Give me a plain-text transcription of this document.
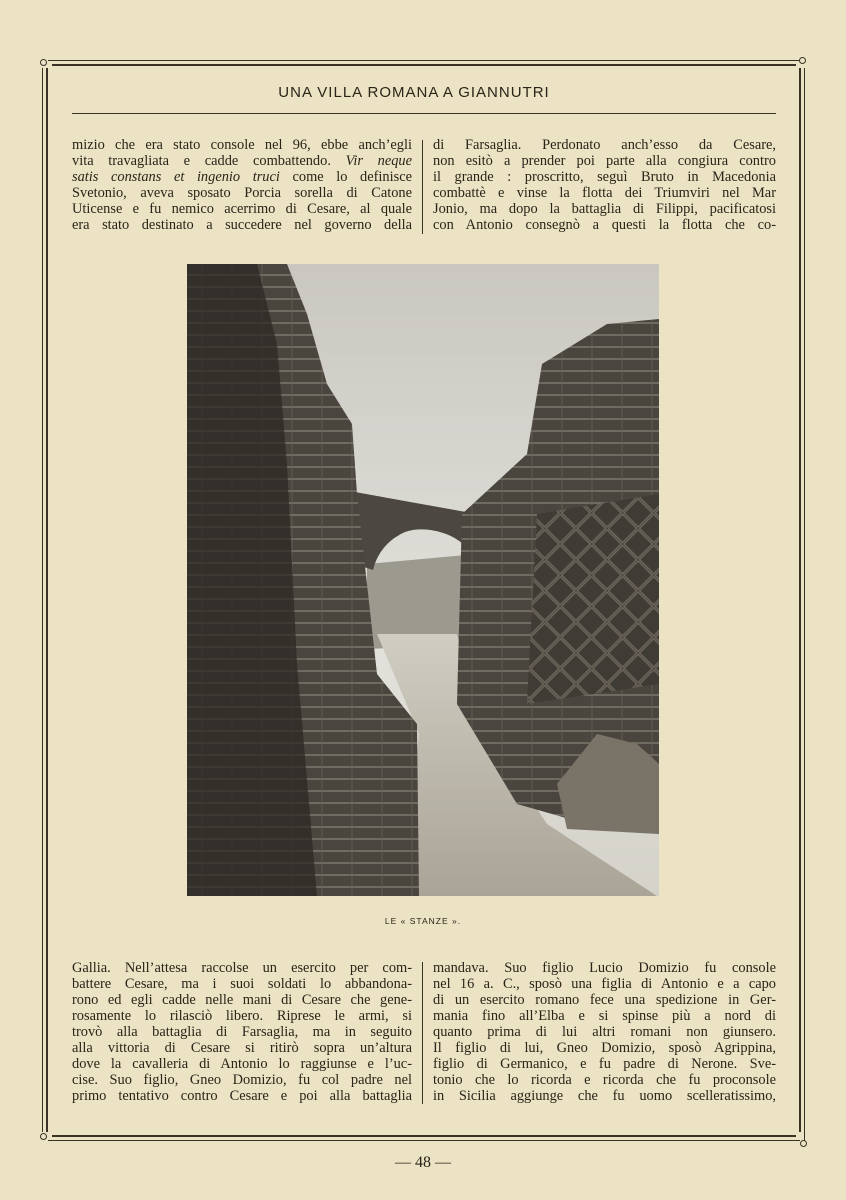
UNA VILLA ROMANA A GIANNUTRI
mizio che era stato console nel 96, ebbe anch’egli
vita travagliata e cadde combattendo. Vir neque
satis constans et ingenio truci come lo definisce
Svetonio, aveva sposato Porcia sorella di Catone
Uticense e fu nemico acerrimo di Cesare, al quale
era stato destinato a succedere nel governo della
di Farsaglia. Perdonato anch’esso da Cesare,
non esitò a prender poi parte alla congiura contro
il grande : proscritto, seguì Bruto in Macedonia
combattè e vinse la flotta dei Triumviri nel Mar
Jonio, ma dopo la battaglia di Filippi, pacificatosi
con Antonio consegnò a questi la flotta che co-
LE « STANZE ».
Gallia. Nell’attesa raccolse un esercito per com-
battere Cesare, ma i suoi soldati lo abbandona-
rono ed egli cadde nelle mani di Cesare che gene-
rosamente lo rilasciò libero. Riprese le armi, si
trovò alla battaglia di Farsaglia, ma in seguito
alla vittoria di Cesare si ritirò sopra un’altura
dove la cavalleria di Antonio lo raggiunse e l’uc-
cise. Suo figlio, Gneo Domizio, fu col padre nel
primo tentativo contro Cesare e poi alla battaglia
mandava. Suo figlio Lucio Domizio fu console
nel 16 a. C., sposò una figlia di Antonio e a capo
di un esercito romano fece una spedizione in Ger-
mania fino all’Elba e si spinse più a nord di
quanto prima di lui altri romani non giunsero.
Il figlio di lui, Gneo Domizio, sposò Agrippina,
figlio di Germanico, e fu padre di Nerone. Sve-
tonio che lo ricorda e ricorda che fu proconsole
in Sicilia aggiunge che fu uomo scelleratissimo,
— 48 —
